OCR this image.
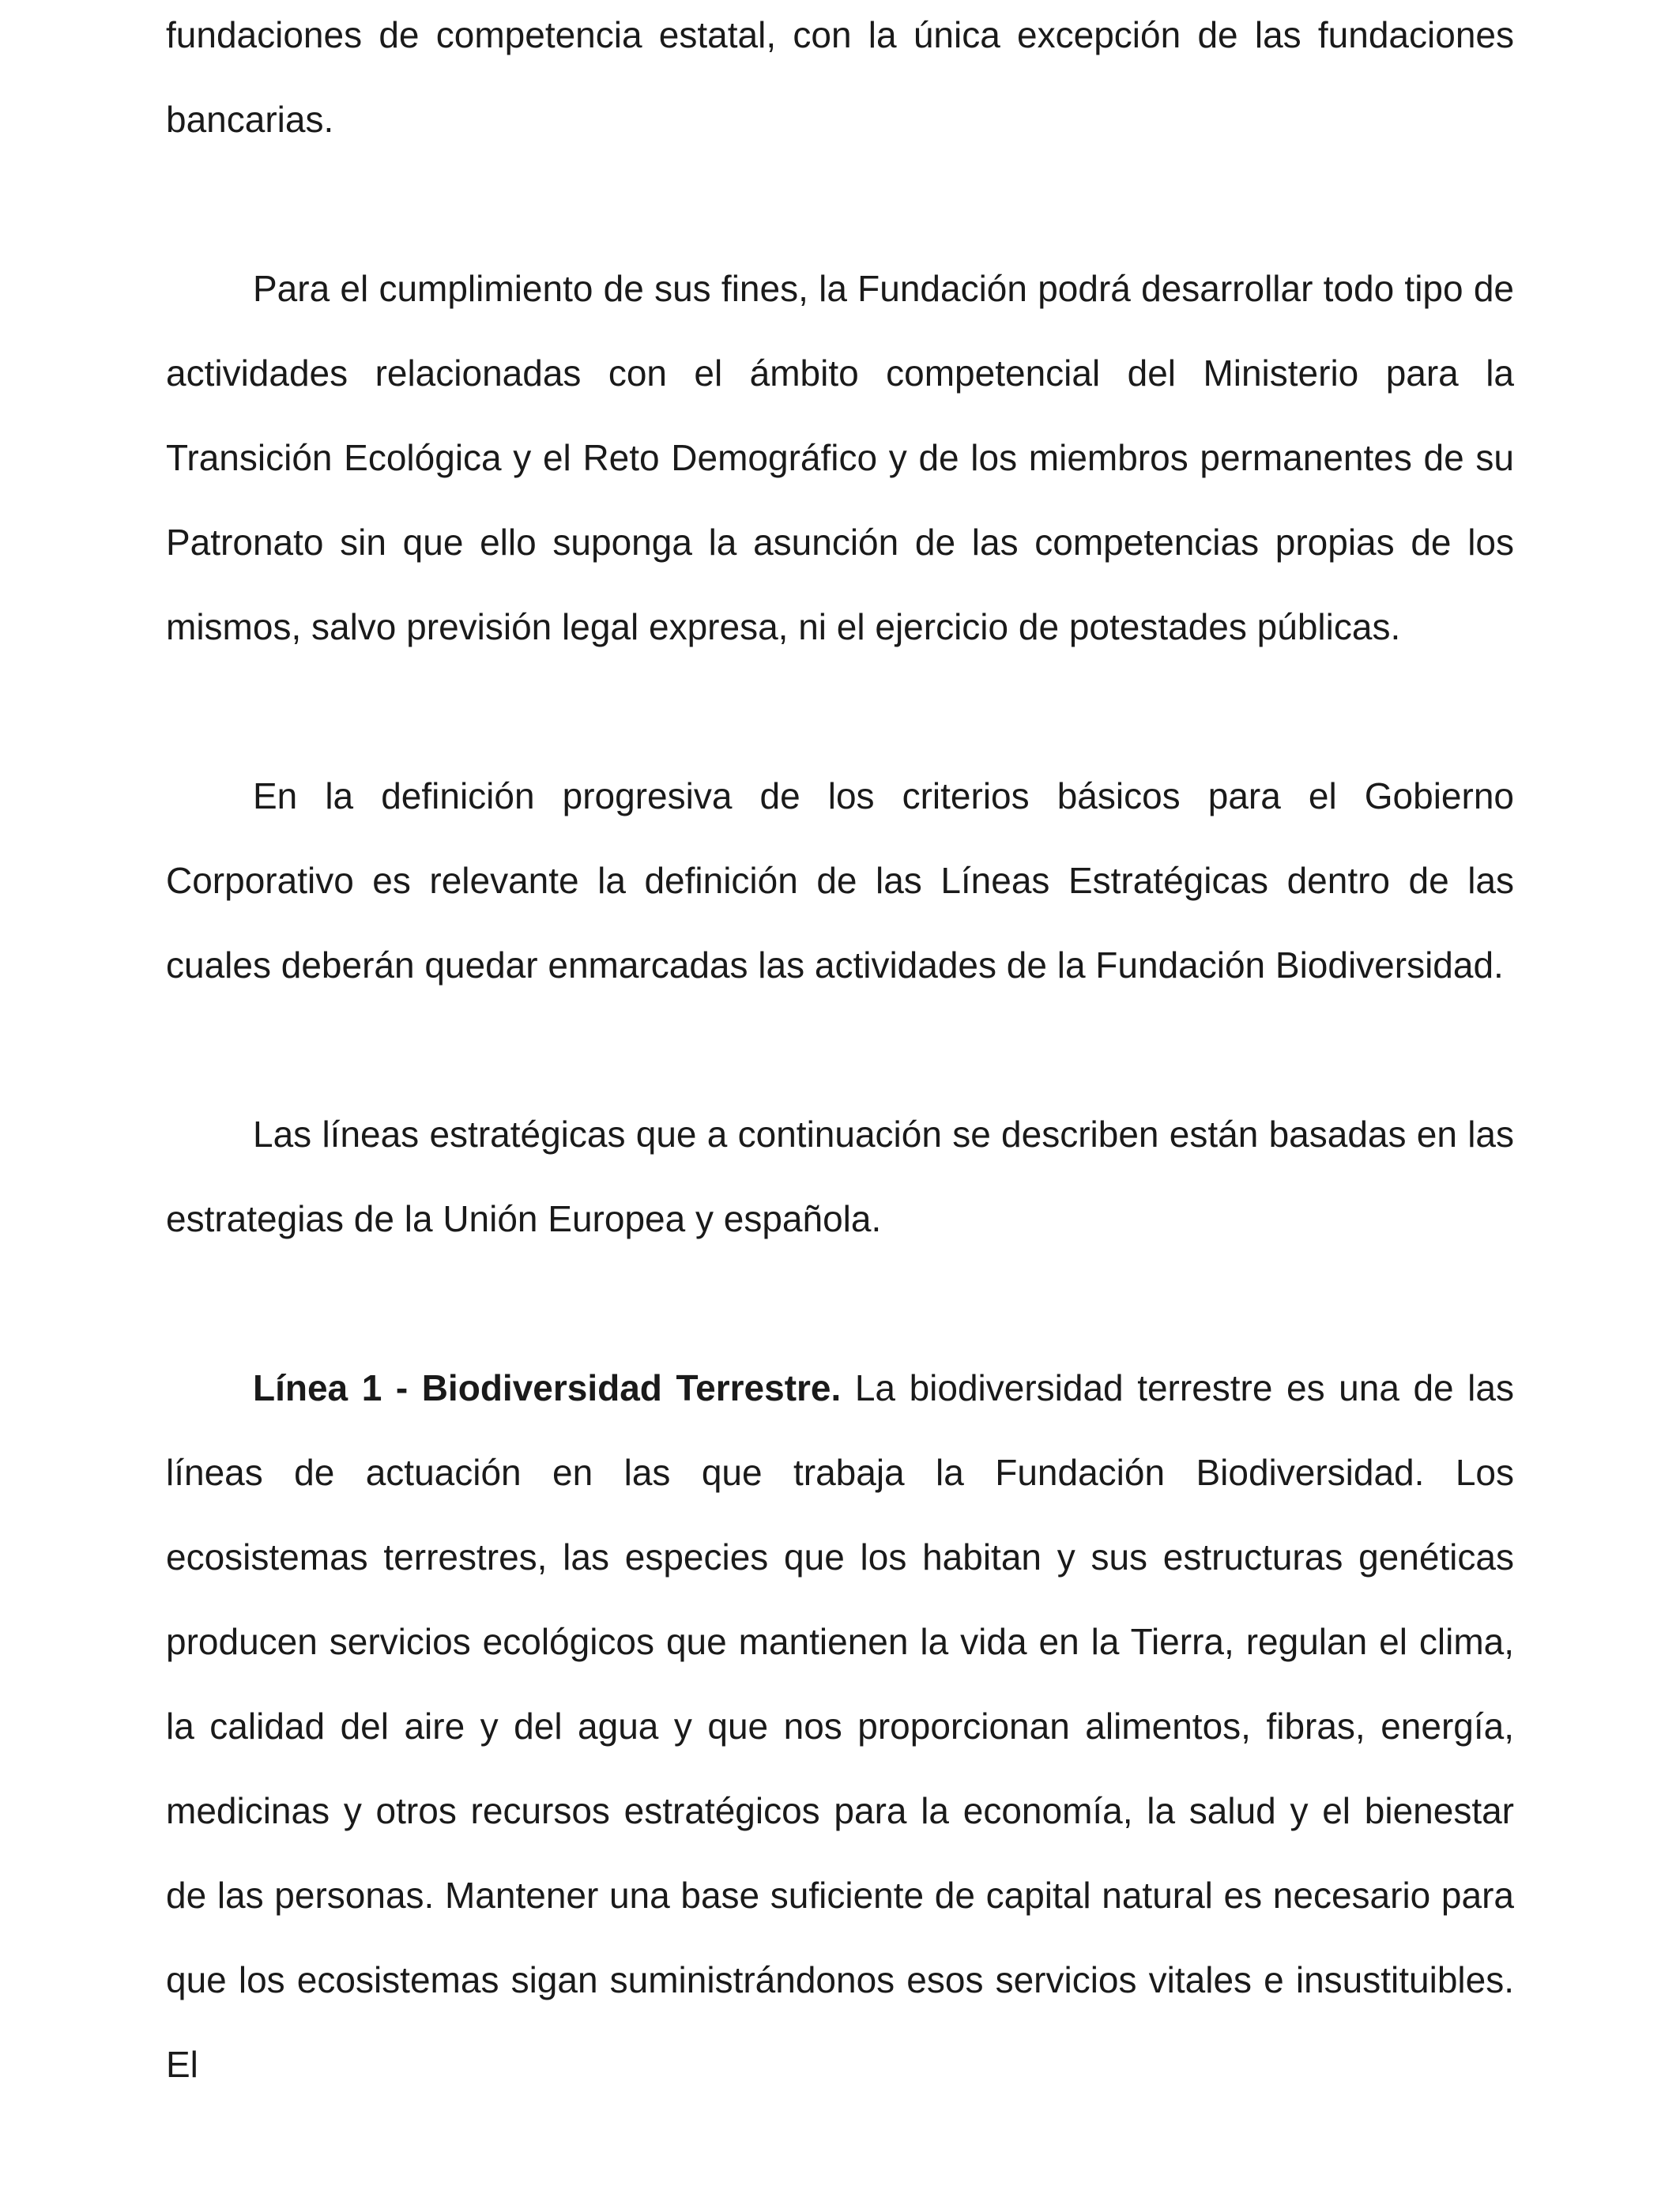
fundaciones de competencia estatal, con la única excepción de las fundaciones bancarias.

Para el cumplimiento de sus fines, la Fundación podrá desarrollar todo tipo de actividades relacionadas con el ámbito competencial del Ministerio para la Transición Ecológica y el Reto Demográfico y de los miembros permanentes de su Patronato sin que ello suponga la asunción de las competencias propias de los mismos, salvo previsión legal expresa, ni el ejercicio de potestades públicas.

En la definición progresiva de los criterios básicos para el Gobierno Corporativo es relevante la definición de las Líneas Estratégicas dentro de las cuales deberán quedar enmarcadas las actividades de la Fundación Biodiversidad.

Las líneas estratégicas que a continuación se describen están basadas en las estrategias de la Unión Europea y española.

Línea 1 - Biodiversidad Terrestre. La biodiversidad terrestre es una de las líneas de actuación en las que trabaja la Fundación Biodiversidad. Los ecosistemas terrestres, las especies que los habitan y sus estructuras genéticas producen servicios ecológicos que mantienen la vida en la Tierra, regulan el clima, la calidad del aire y del agua y que nos proporcionan alimentos, fibras, energía, medicinas y otros recursos estratégicos para la economía, la salud y el bienestar de las personas. Mantener una base suficiente de capital natural es necesario para que los ecosistemas sigan suministrándonos esos servicios vitales e insustituibles. El
